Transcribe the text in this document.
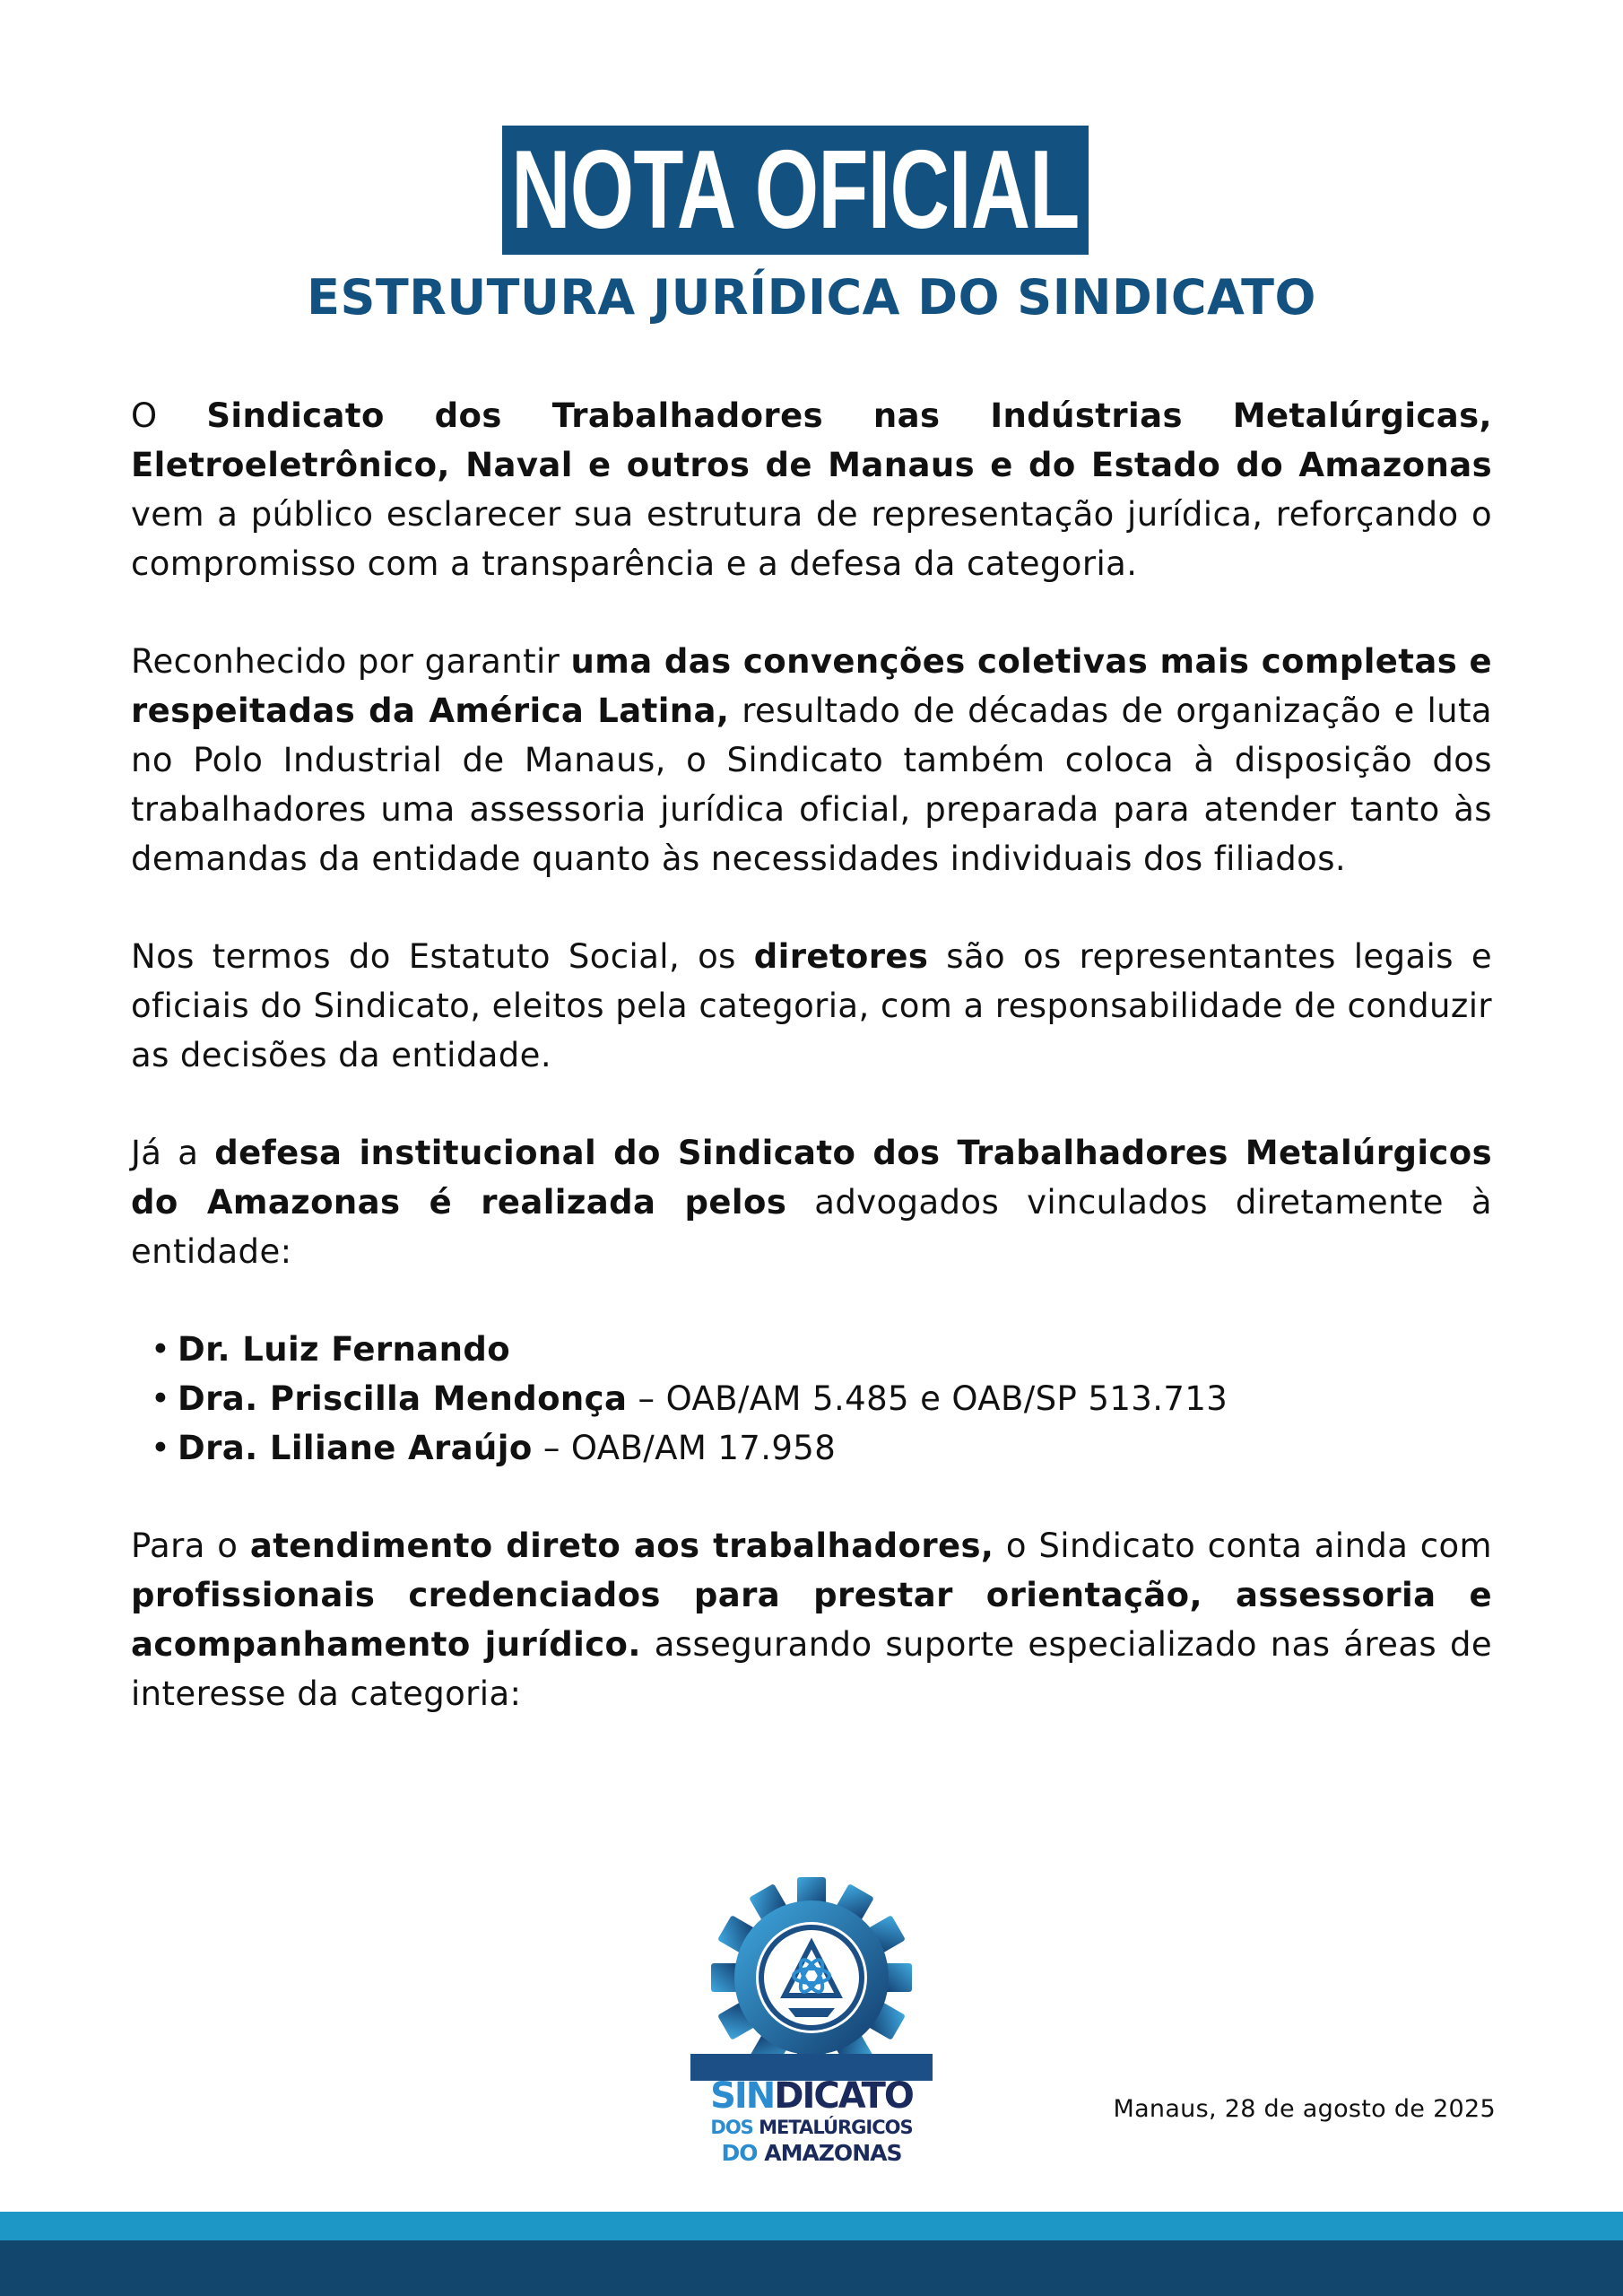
NOTA OFICIAL
ESTRUTURA JURÍDICA DO SINDICATO

O Sindicato dos Trabalhadores nas Indústrias Metalúrgicas, Eletroeletrônico, Naval e outros de Manaus e do Estado do Amazonas vem a público esclarecer sua estrutura de representação jurídica, reforçando o compromisso com a transparência e a defesa da categoria.

Reconhecido por garantir uma das convenções coletivas mais completas e respeitadas da América Latina, resultado de décadas de organização e luta no Polo Industrial de Manaus, o Sindicato também coloca à disposição dos trabalhadores uma assessoria jurídica oficial, preparada para atender tanto às demandas da entidade quanto às necessidades individuais dos filiados.

Nos termos do Estatuto Social, os diretores são os representantes legais e oficiais do Sindicato, eleitos pela categoria, com a responsabilidade de conduzir as decisões da entidade.

Já a defesa institucional do Sindicato dos Trabalhadores Metalúrgicos do Amazonas é realizada pelos advogados vinculados diretamente à entidade:

• Dr. Luiz Fernando
• Dra. Priscilla Mendonça – OAB/AM 5.485 e OAB/SP 513.713
• Dra. Liliane Araújo – OAB/AM 17.958

Para o atendimento direto aos trabalhadores, o Sindicato conta ainda com profissionais credenciados para prestar orientação, assessoria e acompanhamento jurídico. assegurando suporte especializado nas áreas de interesse da categoria:

SINDICATO
DOS METALÚRGICOS
DO AMAZONAS
Manaus, 28 de agosto de 2025
